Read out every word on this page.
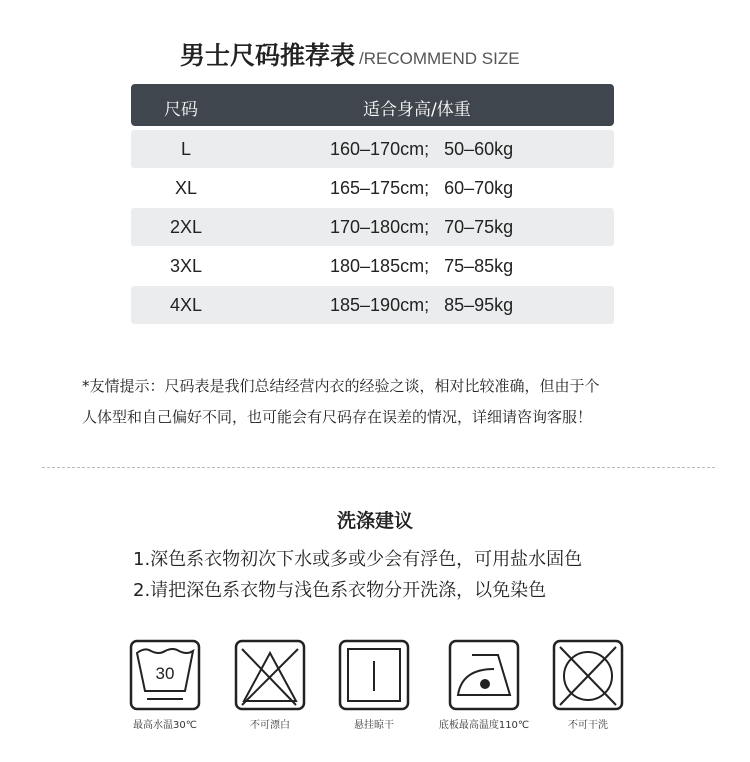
男士尺码推荐表 /RECOMMEND SIZE
尺码	适合身高/体重
L	160–170cm;   50–60kg
XL	165–175cm;   60–70kg
2XL	170–180cm;   70–75kg
3XL	180–185cm;   75–85kg
4XL	185–190cm;   85–95kg
*友情提示：尺码表是我们总结经营内衣的经验之谈，相对比较准确，但由于个
人体型和自己偏好不同，也可能会有尺码存在误差的情况，详细请咨询客服！
洗涤建议
1.深色系衣物初次下水或多或少会有浮色，可用盐水固色
2.请把深色系衣物与浅色系衣物分开洗涤，以免染色
30
最高水温30℃	不可漂白	悬挂晾干	底板最高温度110℃	不可干洗
